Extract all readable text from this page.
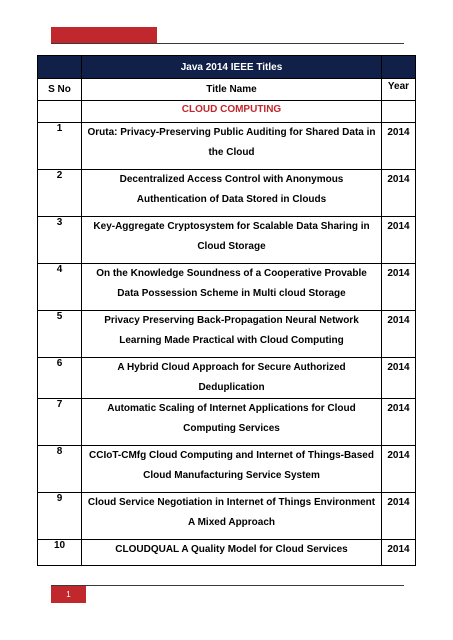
	Java 2014 IEEE Titles	
S No	Title Name	Year
	CLOUD COMPUTING	
1	Oruta: Privacy-Preserving Public Auditing for Shared Data in the Cloud	2014
2	Decentralized Access Control with Anonymous Authentication of Data Stored in Clouds	2014
3	Key-Aggregate Cryptosystem for Scalable Data Sharing in Cloud Storage	2014
4	On the Knowledge Soundness of a Cooperative Provable Data Possession Scheme in Multi cloud Storage	2014
5	Privacy Preserving Back-Propagation Neural Network Learning Made Practical with Cloud Computing	2014
6	A Hybrid Cloud Approach for Secure Authorized Deduplication	2014
7	Automatic Scaling of Internet Applications for Cloud Computing Services	2014
8	CCIoT-CMfg Cloud Computing and Internet of Things-Based Cloud Manufacturing Service System	2014
9	Cloud Service Negotiation in Internet of Things Environment A Mixed Approach	2014
10	CLOUDQUAL A Quality Model for Cloud Services	2014
1
